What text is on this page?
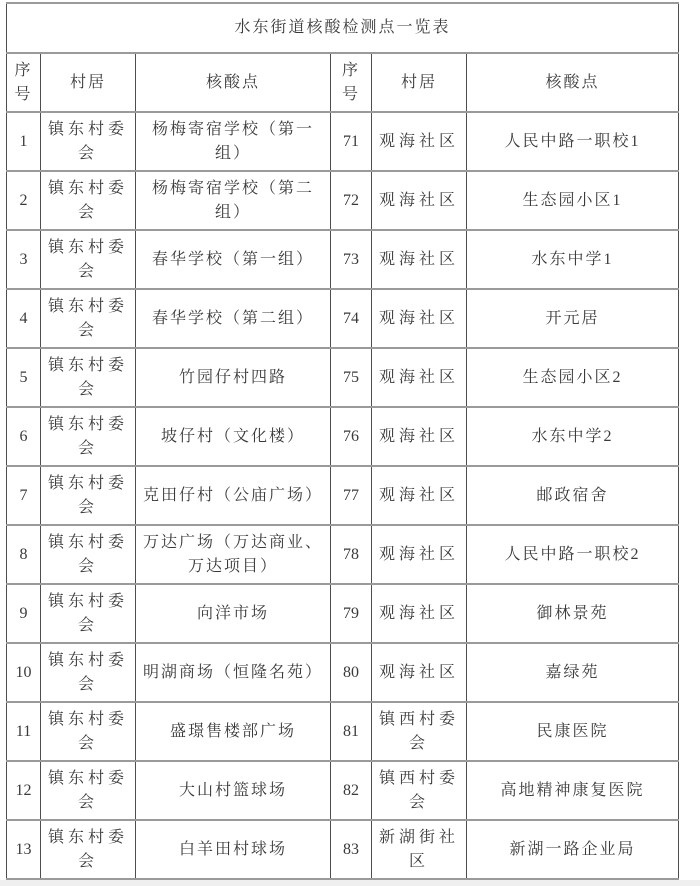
水东街道核酸检测点一览表					
序号	村居	核酸点	序号	村居	核酸点
1	镇东村委会	杨梅寄宿学校（第一组）	71	观海社区	人民中路一职校1
2	镇东村委会	杨梅寄宿学校（第二组）	72	观海社区	生态园小区1
3	镇东村委会	春华学校（第一组）	73	观海社区	水东中学1
4	镇东村委会	春华学校（第二组）	74	观海社区	开元居
5	镇东村委会	竹园仔村四路	75	观海社区	生态园小区2
6	镇东村委会	坡仔村（文化楼）	76	观海社区	水东中学2
7	镇东村委会	克田仔村（公庙广场）	77	观海社区	邮政宿舍
8	镇东村委会	万达广场（万达商业、万达项目）	78	观海社区	人民中路一职校2
9	镇东村委会	向洋市场	79	观海社区	御林景苑
10	镇东村委会	明湖商场（恒隆名苑）	80	观海社区	嘉绿苑
11	镇东村委会	盛璟售楼部广场	81	镇西村委会	民康医院
12	镇东村委会	大山村篮球场	82	镇西村委会	高地精神康复医院
13	镇东村委会	白羊田村球场	83	新湖街社区	新湖一路企业局
